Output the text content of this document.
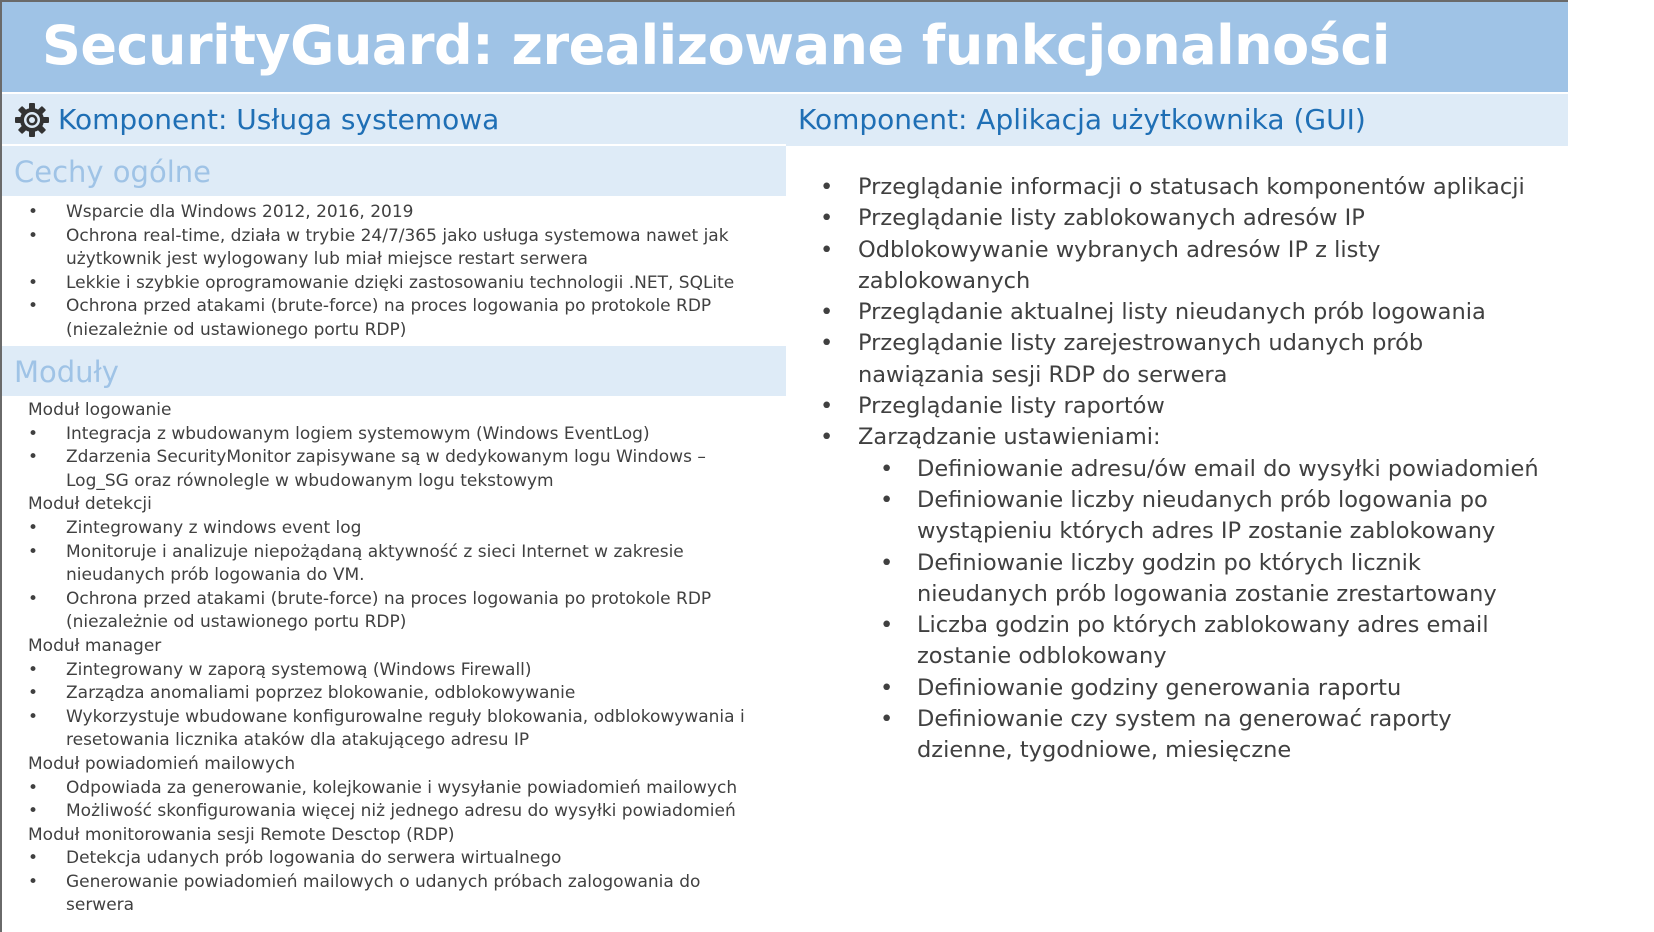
SecurityGuard: zrealizowane funkcjonalności
Komponent: Usługa systemowa	Komponent: Aplikacja użytkownika (GUI)
Cechy ogólne
Moduły
• Wsparcie dla Windows 2012, 2016, 2019
• Ochrona real-time, działa w trybie 24/7/365 jako usługa systemowa nawet jak użytkownik jest wylogowany lub miał miejsce restart serwera
• Lekkie i szybkie oprogramowanie dzięki zastosowaniu technologii .NET, SQLite
• Ochrona przed atakami (brute-force) na proces logowania po protokole RDP (niezależnie od ustawionego portu RDP)
Moduł logowanie
• Integracja z wbudowanym logiem systemowym (Windows EventLog)
• Zdarzenia SecurityMonitor zapisywane są w dedykowanym logu Windows – Log_SG oraz równolegle w wbudowanym logu tekstowym
Moduł detekcji
• Zintegrowany z windows event log
• Monitoruje i analizuje niepożądaną aktywność z sieci Internet w zakresie nieudanych prób logowania do VM.
• Ochrona przed atakami (brute-force) na proces logowania po protokole RDP (niezależnie od ustawionego portu RDP)
Moduł manager
• Zintegrowany w zaporą systemową (Windows Firewall)
• Zarządza anomaliami poprzez blokowanie, odblokowywanie
• Wykorzystuje wbudowane konfigurowalne reguły blokowania, odblokowywania i resetowania licznika ataków dla atakującego adresu IP
Moduł powiadomień mailowych
• Odpowiada za generowanie, kolejkowanie i wysyłanie powiadomień mailowych
• Możliwość skonfigurowania więcej niż jednego adresu do wysyłki powiadomień
Moduł monitorowania sesji Remote Desctop (RDP)
• Detekcja udanych prób logowania do serwera wirtualnego
• Generowanie powiadomień mailowych o udanych próbach zalogowania do serwera
• Przeglądanie informacji o statusach komponentów aplikacji
• Przeglądanie listy zablokowanych adresów IP
• Odblokowywanie wybranych adresów IP z listy zablokowanych
• Przeglądanie aktualnej listy nieudanych prób logowania
• Przeglądanie listy zarejestrowanych udanych prób nawiązania sesji RDP do serwera
• Przeglądanie listy raportów
• Zarządzanie ustawieniami:
• Definiowanie adresu/ów email do wysyłki powiadomień
• Definiowanie liczby nieudanych prób logowania po wystąpieniu których adres IP zostanie zablokowany
• Definiowanie liczby godzin po których licznik nieudanych prób logowania zostanie zrestartowany
• Liczba godzin po których zablokowany adres email zostanie odblokowany
• Definiowanie godziny generowania raportu
• Definiowanie czy system na generować raporty dzienne, tygodniowe, miesięczne
